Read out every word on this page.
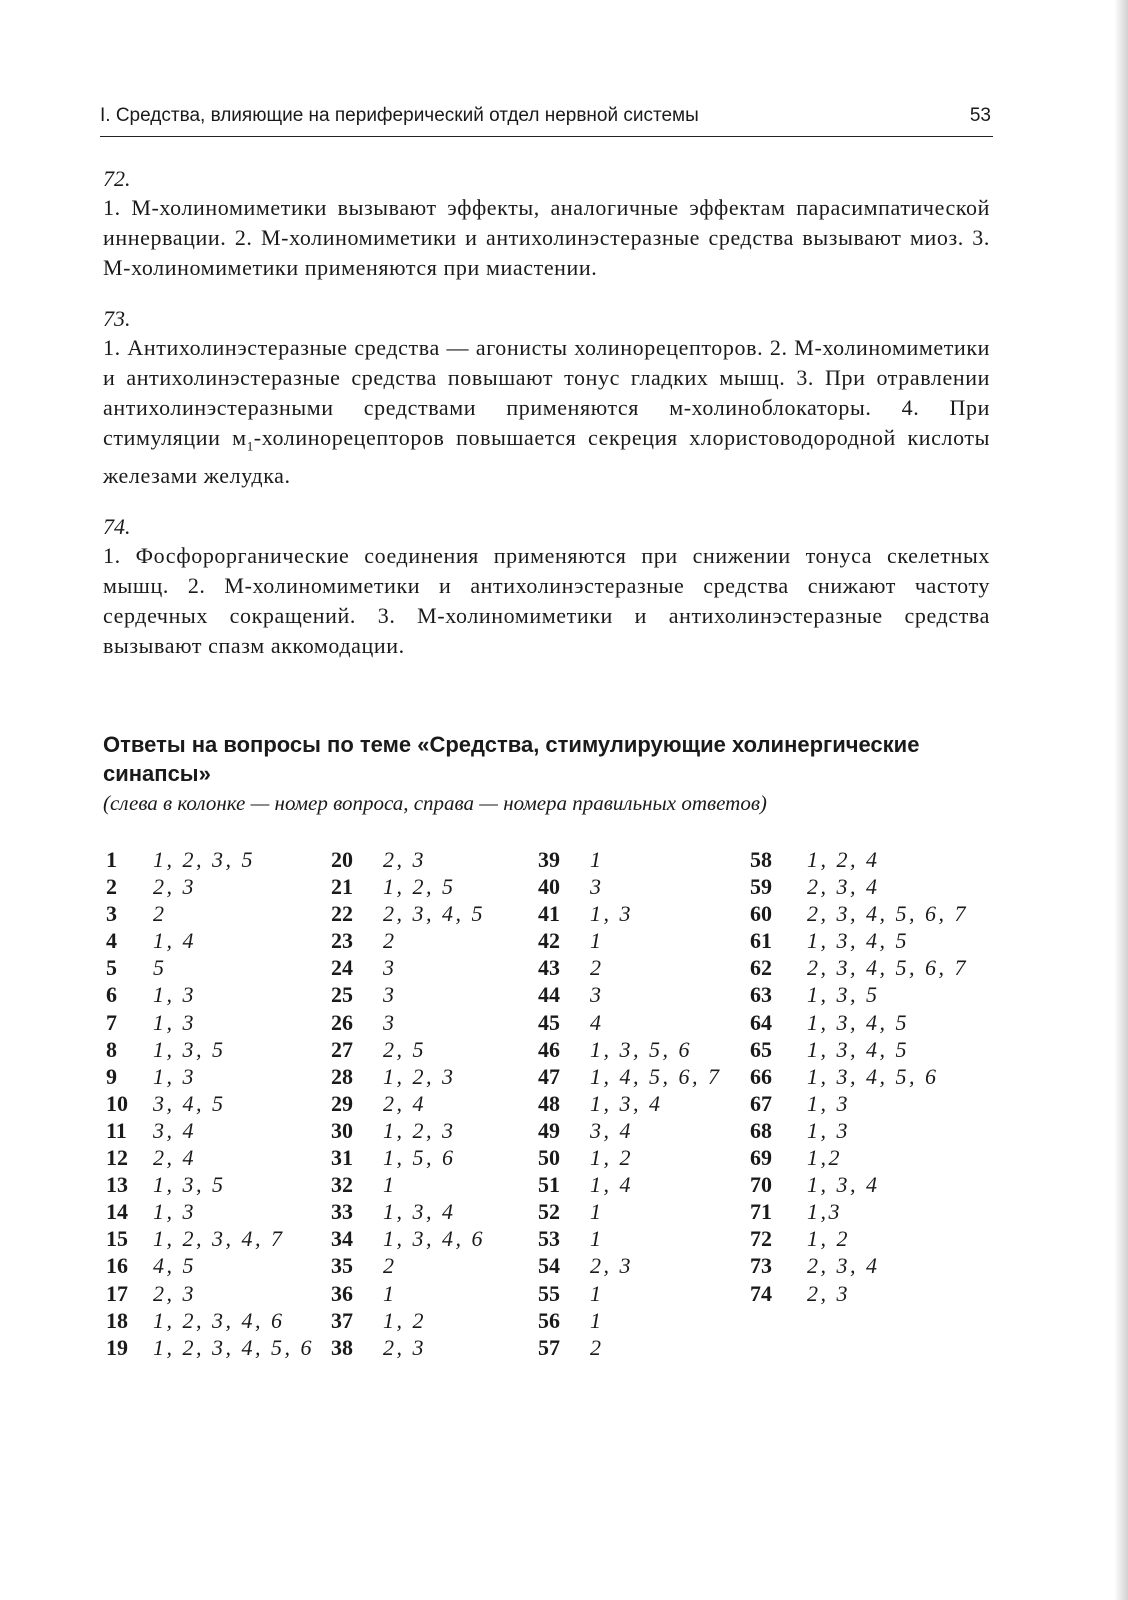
I. Средства, влияющие на периферический отдел нервной системы	53
72.

1. М-холиномиметики вызывают эффекты, аналогичные эффектам парасимпатической иннервации. 2. М-холиномиметики и антихолинэстеразные средства вызывают миоз. 3. М-холиномиметики применяются при миастении.

73.

1. Антихолинэстеразные средства — агонисты холинорецепторов. 2. М-холиномиметики и антихолинэстеразные средства повышают тонус гладких мышц. 3. При отравлении антихолинэстеразными средствами применяются м-холиноблокаторы. 4. При стимуляции $м_1$-холинорецепторов повышается секреция хлористоводородной кислоты железами желудка.

74.

1. Фосфорорганические соединения применяются при снижении тонуса скелетных мышц. 2. М-холиномиметики и антихолинэстеразные средства снижают частоту сердечных сокращений. 3. М-холиномиметики и антихолинэстеразные средства вызывают спазм аккомодации.

Ответы на вопросы по теме «Средства, стимулирующие холинергические синапсы»
(слева в колонке — номер вопроса, справа — номера правильных ответов)
1	1, 2, 3, 5
2	2, 3
3	2
4	1, 4
5	5
6	1, 3
7	1, 3
8	1, 3, 5
9	1, 3
10	3, 4, 5
11	3, 4
12	2, 4
13	1, 3, 5
14	1, 3
15	1, 2, 3, 4, 7
16	4, 5
17	2, 3
18	1, 2, 3, 4, 6
19	1, 2, 3, 4, 5, 6
20	2, 3
21	1, 2, 5
22	2, 3, 4, 5
23	2
24	3
25	3
26	3
27	2, 5
28	1, 2, 3
29	2, 4
30	1, 2, 3
31	1, 5, 6
32	1
33	1, 3, 4
34	1, 3, 4, 6
35	2
36	1
37	1, 2
38	2, 3
39	1
40	3
41	1, 3
42	1
43	2
44	3
45	4
46	1, 3, 5, 6
47	1, 4, 5, 6, 7
48	1, 3, 4
49	3, 4
50	1, 2
51	1, 4
52	1
53	1
54	2, 3
55	1
56	1
57	2
58	1, 2, 4
59	2, 3, 4
60	2, 3, 4, 5, 6, 7
61	1, 3, 4, 5
62	2, 3, 4, 5, 6, 7
63	1, 3, 5
64	1, 3, 4, 5
65	1, 3, 4, 5
66	1, 3, 4, 5, 6
67	1, 3
68	1, 3
69	1,2
70	1, 3, 4
71	1,3
72	1, 2
73	2, 3, 4
74	2, 3
